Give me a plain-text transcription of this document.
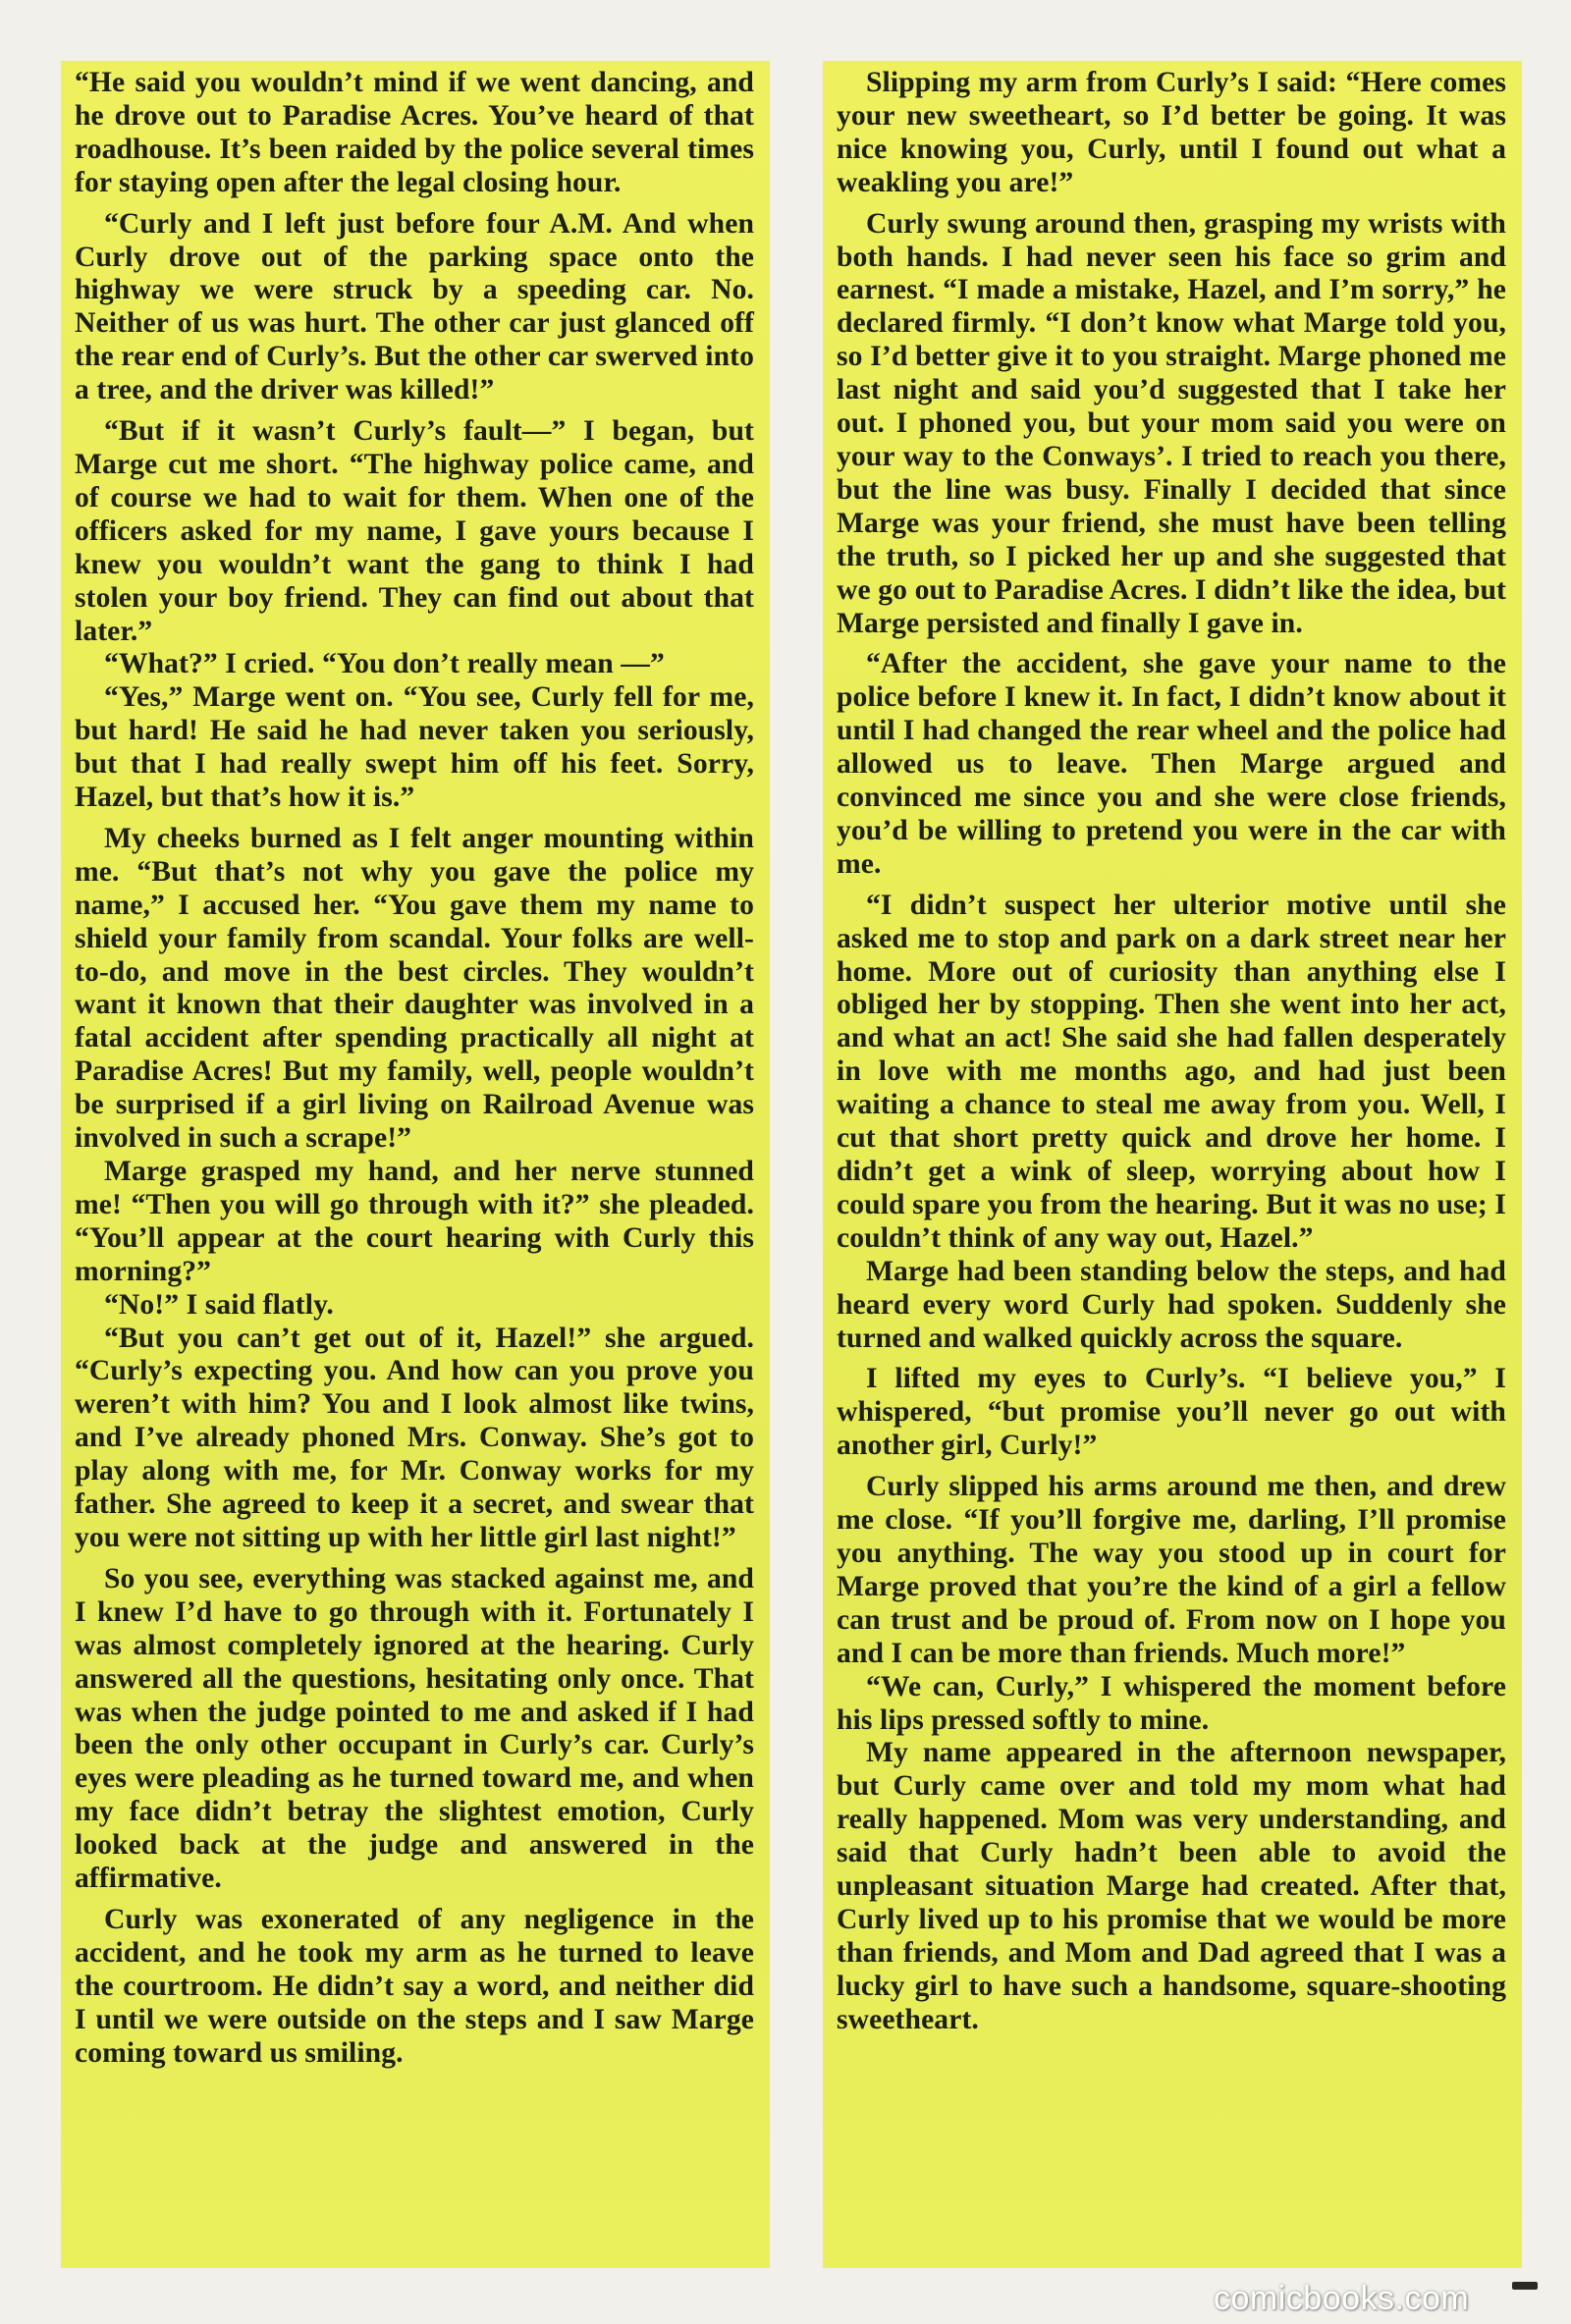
“He said you wouldn’t mind if we went dancing, and he drove out to Paradise Acres. You’ve heard of that roadhouse. It’s been raided by the police several times for staying open after the legal closing hour.

“Curly and I left just before four A.M. And when Curly drove out of the parking space onto the highway we were struck by a speeding car. No. Neither of us was hurt. The other car just glanced off the rear end of Curly’s. But the other car swerved into a tree, and the driver was killed!”

“But if it wasn’t Curly’s fault—” I began, but Marge cut me short. “The highway police came, and of course we had to wait for them. When one of the officers asked for my name, I gave yours because I knew you wouldn’t want the gang to think I had stolen your boy friend. They can find out about that later.”

“What?” I cried. “You don’t really mean —”

“Yes,” Marge went on. “You see, Curly fell for me, but hard! He said he had never taken you seriously, but that I had really swept him off his feet. Sorry, Hazel, but that’s how it is.”

My cheeks burned as I felt anger mounting within me. “But that’s not why you gave the police my name,” I accused her. “You gave them my name to shield your family from scandal. Your folks are well-to-do, and move in the best circles. They wouldn’t want it known that their daughter was involved in a fatal accident after spending practically all night at Paradise Acres! But my family, well, people wouldn’t be surprised if a girl living on Railroad Avenue was involved in such a scrape!”

Marge grasped my hand, and her nerve stunned me! “Then you will go through with it?” she pleaded. “You’ll appear at the court hearing with Curly this morning?”

“No!” I said flatly.

“But you can’t get out of it, Hazel!” she argued. “Curly’s expecting you. And how can you prove you weren’t with him? You and I look almost like twins, and I’ve already phoned Mrs. Conway. She’s got to play along with me, for Mr. Conway works for my father. She agreed to keep it a secret, and swear that you were not sitting up with her little girl last night!”

So you see, everything was stacked against me, and I knew I’d have to go through with it. Fortunately I was almost completely ignored at the hearing. Curly answered all the questions, hesitating only once. That was when the judge pointed to me and asked if I had been the only other occupant in Curly’s car. Curly’s eyes were pleading as he turned toward me, and when my face didn’t betray the slightest emotion, Curly looked back at the judge and answered in the affirmative.

Curly was exonerated of any negligence in the accident, and he took my arm as he turned to leave the courtroom. He didn’t say a word, and neither did I until we were outside on the steps and I saw Marge coming toward us smiling.

Slipping my arm from Curly’s I said: “Here comes your new sweetheart, so I’d better be going. It was nice knowing you, Curly, until I found out what a weakling you are!”

Curly swung around then, grasping my wrists with both hands. I had never seen his face so grim and earnest. “I made a mistake, Hazel, and I’m sorry,” he declared firmly. “I don’t know what Marge told you, so I’d better give it to you straight. Marge phoned me last night and said you’d suggested that I take her out. I phoned you, but your mom said you were on your way to the Conways’. I tried to reach you there, but the line was busy. Finally I decided that since Marge was your friend, she must have been telling the truth, so I picked her up and she suggested that we go out to Paradise Acres. I didn’t like the idea, but Marge persisted and finally I gave in.

“After the accident, she gave your name to the police before I knew it. In fact, I didn’t know about it until I had changed the rear wheel and the police had allowed us to leave. Then Marge argued and convinced me since you and she were close friends, you’d be willing to pretend you were in the car with me.

“I didn’t suspect her ulterior motive until she asked me to stop and park on a dark street near her home. More out of curiosity than anything else I obliged her by stopping. Then she went into her act, and what an act! She said she had fallen desperately in love with me months ago, and had just been waiting a chance to steal me away from you. Well, I cut that short pretty quick and drove her home. I didn’t get a wink of sleep, worrying about how I could spare you from the hearing. But it was no use; I couldn’t think of any way out, Hazel.”

Marge had been standing below the steps, and had heard every word Curly had spoken. Suddenly she turned and walked quickly across the square.

I lifted my eyes to Curly’s. “I believe you,” I whispered, “but promise you’ll never go out with another girl, Curly!”

Curly slipped his arms around me then, and drew me close. “If you’ll forgive me, darling, I’ll promise you anything. The way you stood up in court for Marge proved that you’re the kind of a girl a fellow can trust and be proud of. From now on I hope you and I can be more than friends. Much more!”

“We can, Curly,” I whispered the moment before his lips pressed softly to mine.

My name appeared in the afternoon newspaper, but Curly came over and told my mom what had really happened. Mom was very understanding, and said that Curly hadn’t been able to avoid the unpleasant situation Marge had created. After that, Curly lived up to his promise that we would be more than friends, and Mom and Dad agreed that I was a lucky girl to have such a handsome, square-shooting sweetheart.

comicbooks.com
